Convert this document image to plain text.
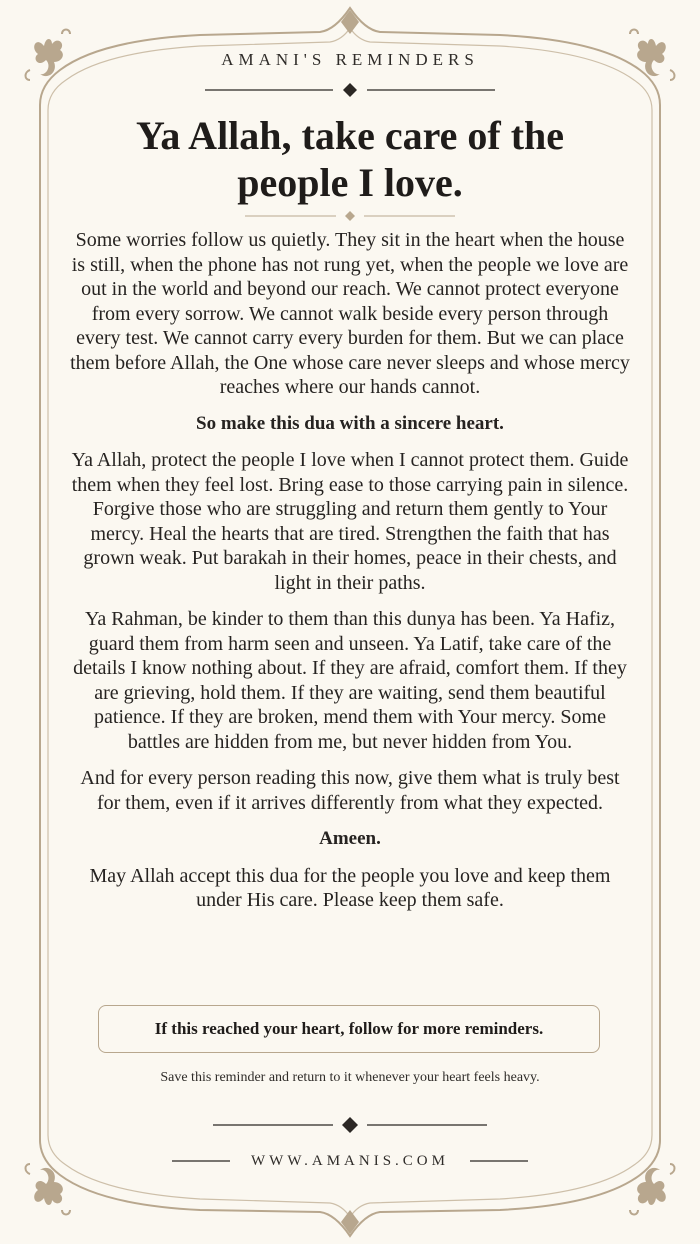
AMANI'S REMINDERS
Ya Allah, take care of the
people I love.

Some worries follow us quietly. They sit in the heart when the house is still, when the phone has not rung yet, when the people we love are out in the world and beyond our reach. We cannot protect everyone from every sorrow. We cannot walk beside every person through every test. We cannot carry every burden for them. But we can place them before Allah, the One whose care never sleeps and whose mercy reaches where our hands cannot.

So make this dua with a sincere heart.

Ya Allah, protect the people I love when I cannot protect them. Guide them when they feel lost. Bring ease to those carrying pain in silence. Forgive those who are struggling and return them gently to Your mercy. Heal the hearts that are tired. Strengthen the faith that has grown weak. Put barakah in their homes, peace in their chests, and light in their paths.

Ya Rahman, be kinder to them than this dunya has been. Ya Hafiz, guard them from harm seen and unseen. Ya Latif, take care of the details I know nothing about. If they are afraid, comfort them. If they are grieving, hold them. If they are waiting, send them beautiful patience. If they are broken, mend them with Your mercy. Some battles are hidden from me, but never hidden from You.

And for every person reading this now, give them what is truly best for them, even if it arrives differently from what they expected.

Ameen.

May Allah accept this dua for the people you love and keep them under His care. Please keep them safe.

If this reached your heart, follow for more reminders.
Save this reminder and return to it whenever your heart feels heavy.
WWW.AMANIS.COM
